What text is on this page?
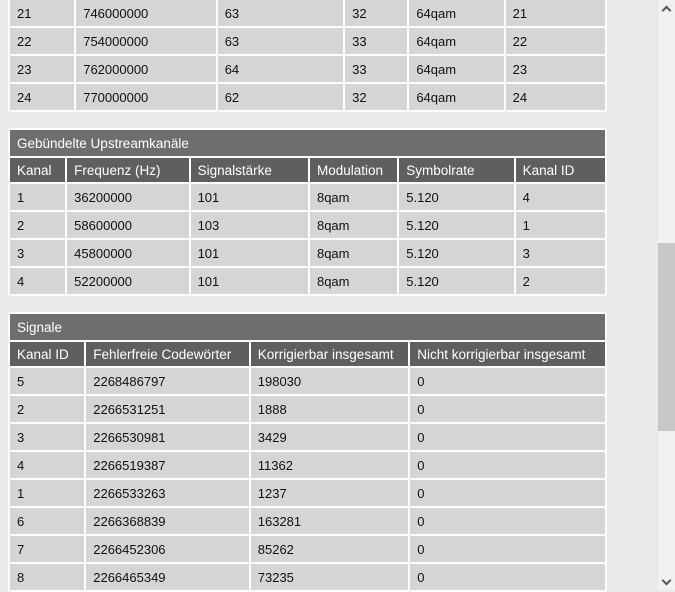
21	746000000	63	32	64qam	21
22	754000000	63	33	64qam	22
23	762000000	64	33	64qam	23
24	770000000	62	32	64qam	24
Gebündelte Upstreamkanäle					
Kanal	Frequenz (Hz)	Signalstärke	Modulation	Symbolrate	Kanal ID
1	36200000	101	8qam	5.120	4
2	58600000	103	8qam	5.120	1
3	45800000	101	8qam	5.120	3
4	52200000	101	8qam	5.120	2
Signale			
Kanal ID	Fehlerfreie Codewörter	Korrigierbar insgesamt	Nicht korrigierbar insgesamt
5	2268486797	198030	0
2	2266531251	1888	0
3	2266530981	3429	0
4	2266519387	11362	0
1	2266533263	1237	0
6	2266368839	163281	0
7	2266452306	85262	0
8	2266465349	73235	0
